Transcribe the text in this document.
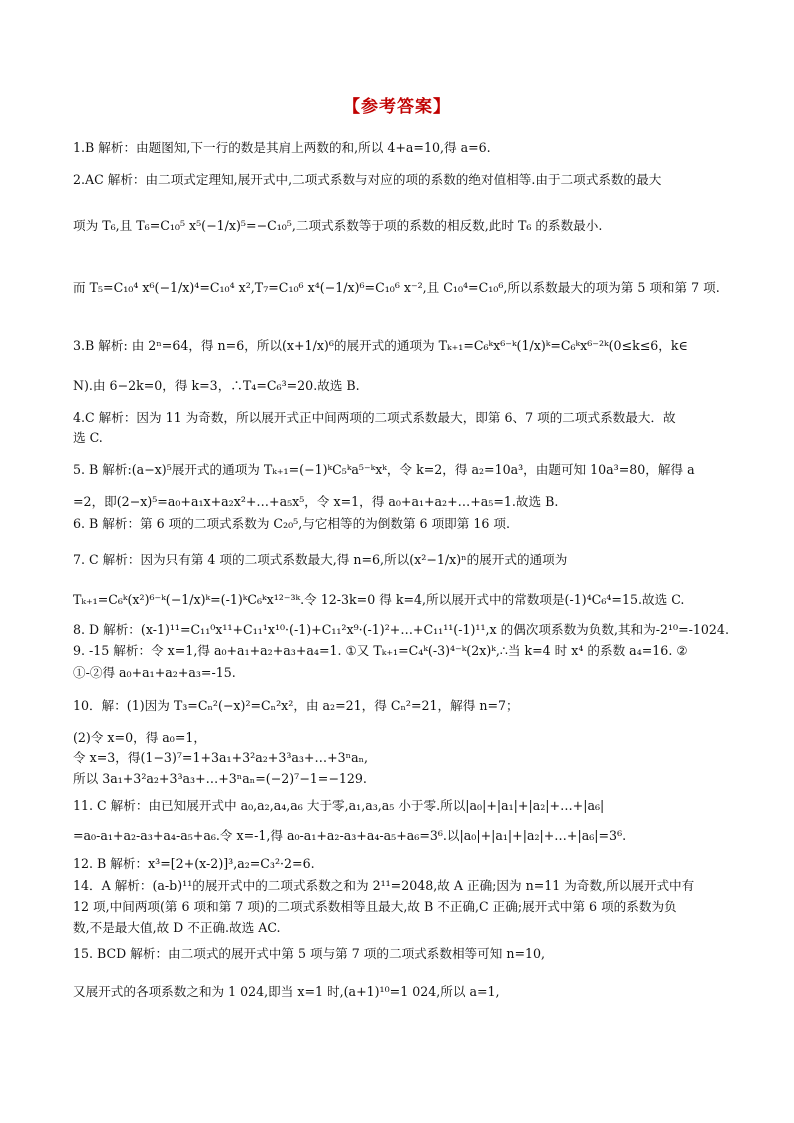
【参考答案】
1.B 解析：由题图知,下一行的数是其肩上两数的和,所以 4+a=10,得 a=6.
2.AC 解析：由二项式定理知,展开式中,二项式系数与对应的项的系数的绝对值相等.由于二项式系数的最大
项为 T₆,且 T₆=C₁₀⁵ x⁵(−1/x)⁵=−C₁₀⁵,二项式系数等于项的系数的相反数,此时 T₆ 的系数最小.
而 T₅=C₁₀⁴ x⁶(−1/x)⁴=C₁₀⁴ x²,T₇=C₁₀⁶ x⁴(−1/x)⁶=C₁₀⁶ x⁻²,且 C₁₀⁴=C₁₀⁶,所以系数最大的项为第 5 项和第 7 项.
3.B 解析: 由 2ⁿ=64，得 n=6，所以(x+1/x)⁶的展开式的通项为 Tₖ₊₁=C₆ᵏx⁶⁻ᵏ(1/x)ᵏ=C₆ᵏx⁶⁻²ᵏ(0≤k≤6，k∈
N).由 6−2k=0，得 k=3，∴T₄=C₆³=20.故选 B.
4.C 解析：因为 11 为奇数，所以展开式正中间两项的二项式系数最大，即第 6、7 项的二项式系数最大．故
选 C.
5. B 解析:(a−x)⁵展开式的通项为 Tₖ₊₁=(−1)ᵏC₅ᵏa⁵⁻ᵏxᵏ，令 k=2，得 a₂=10a³，由题可知 10a³=80，解得 a
=2，即(2−x)⁵=a₀+a₁x+a₂x²+…+a₅x⁵，令 x=1，得 a₀+a₁+a₂+…+a₅=1.故选 B.
6. B 解析：第 6 项的二项式系数为 C₂₀⁵,与它相等的为倒数第 6 项即第 16 项.
7. C 解析：因为只有第 4 项的二项式系数最大,得 n=6,所以(x²−1/x)ⁿ的展开式的通项为
Tₖ₊₁=C₆ᵏ(x²)⁶⁻ᵏ(−1/x)ᵏ=(-1)ᵏC₆ᵏx¹²⁻³ᵏ.令 12-3k=0 得 k=4,所以展开式中的常数项是(-1)⁴C₆⁴=15.故选 C.
8. D 解析：(x-1)¹¹=C₁₁⁰x¹¹+C₁₁¹x¹⁰·(-1)+C₁₁²x⁹·(-1)²+…+C₁₁¹¹(-1)¹¹,x 的偶次项系数为负数,其和为-2¹⁰=-1024.
9. -15 解析：令 x=1,得 a₀+a₁+a₂+a₃+a₄=1. ①又 Tₖ₊₁=C₄ᵏ(-3)⁴⁻ᵏ(2x)ᵏ,∴当 k=4 时 x⁴ 的系数 a₄=16. ②
①-②得 a₀+a₁+a₂+a₃=-15.
10．解：(1)因为 T₃=Cₙ²(−x)²=Cₙ²x²，由 a₂=21，得 Cₙ²=21，解得 n=7；
(2)令 x=0，得 a₀=1，
令 x=3，得(1−3)⁷=1+3a₁+3²a₂+3³a₃+…+3ⁿaₙ,
所以 3a₁+3²a₂+3³a₃+…+3ⁿaₙ=(−2)⁷−1=−129.
11. C 解析：由已知展开式中 a₀,a₂,a₄,a₆ 大于零,a₁,a₃,a₅ 小于零.所以|a₀|+|a₁|+|a₂|+…+|a₆|
=a₀-a₁+a₂-a₃+a₄-a₅+a₆.令 x=-1,得 a₀-a₁+a₂-a₃+a₄-a₅+a₆=3⁶.以|a₀|+|a₁|+|a₂|+…+|a₆|=3⁶.
12. B 解析：x³=[2+(x-2)]³,a₂=C₃²·2=6.
14．A 解析：(a-b)¹¹的展开式中的二项式系数之和为 2¹¹=2048,故 A 正确;因为 n=11 为奇数,所以展开式中有
12 项,中间两项(第 6 项和第 7 项)的二项式系数相等且最大,故 B 不正确,C 正确;展开式中第 6 项的系数为负
数,不是最大值,故 D 不正确.故选 AC.
15. BCD 解析：由二项式的展开式中第 5 项与第 7 项的二项式系数相等可知 n=10,
又展开式的各项系数之和为 1 024,即当 x=1 时,(a+1)¹⁰=1 024,所以 a=1,
